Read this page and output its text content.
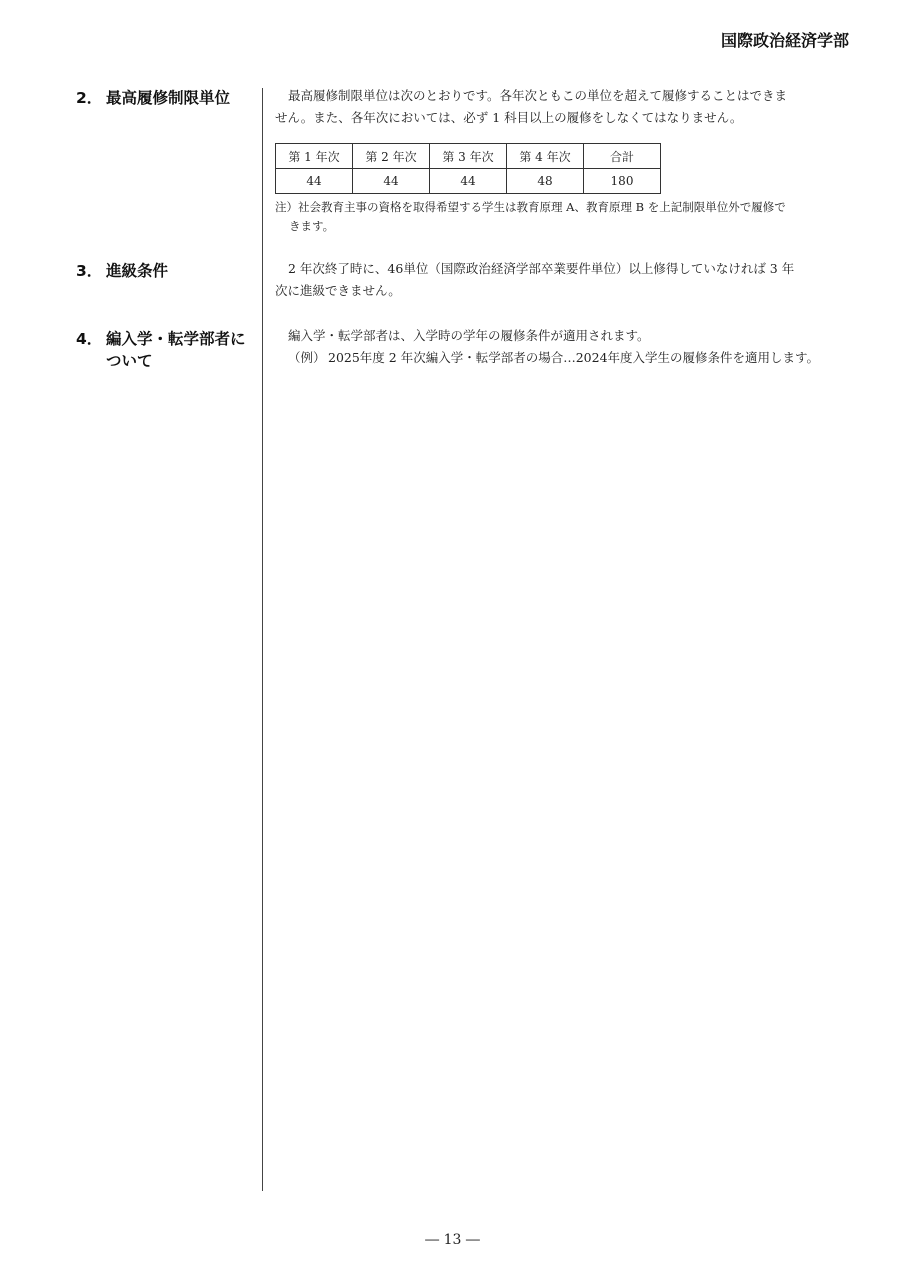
国際政治経済学部
2． 最高履修制限単位	最高履修制限単位は次のとおりです。各年次ともこの単位を超えて履修することはできま
せん。また、各年次においては、必ず 1 科目以上の履修をしなくてはなりません。
第 1 年次	第 2 年次	第 3 年次	第 4 年次	合計
44	44	44	48	180
注）社会教育主事の資格を取得希望する学生は教育原理 A、教育原理 B を上記制限単位外で履修で
きます。
3． 進級条件	2 年次終了時に、46単位（国際政治経済学部卒業要件単位）以上修得していなければ 3 年
次に進級できません。
4． 編入学・転学部者に
ついて
編入学・転学部者は、入学時の学年の履修条件が適用されます。
（例） 2025年度 2 年次編入学・転学部者の場合…2024年度入学生の履修条件を適用します。
― 13 ―
